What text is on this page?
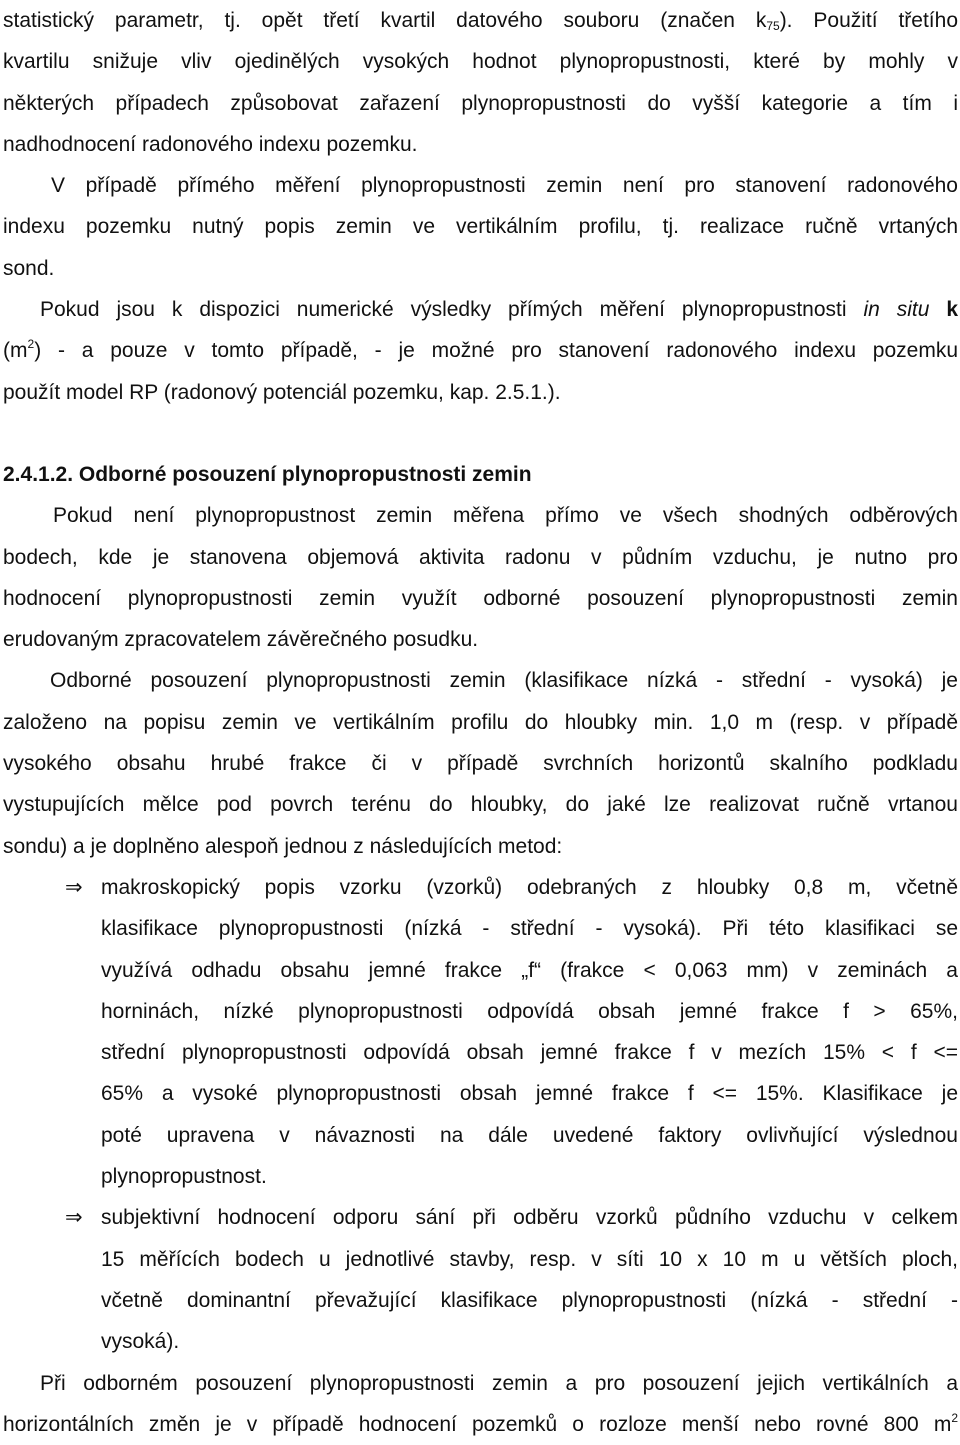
statistický parametr, tj. opět třetí kvartil datového souboru (značen $k_{75}$). Použití třetího
kvartilu snižuje vliv ojedinělých vysokých hodnot plynopropustnosti, které by mohly v
některých případech způsobovat zařazení plynopropustnosti do vyšší kategorie a tím i
nadhodnocení radonového indexu pozemku.
V případě přímého měření plynopropustnosti zemin není pro stanovení radonového
indexu pozemku nutný popis zemin ve vertikálním profilu, tj. realizace ručně vrtaných
sond.
Pokud jsou k dispozici numerické výsledky přímých měření plynopropustnosti in situ k
$(m^2)$ - a pouze v tomto případě, - je možné pro stanovení radonového indexu pozemku
použít model RP (radonový potenciál pozemku, kap. 2.5.1.).
2.4.1.2. Odborné posouzení plynopropustnosti zemin
Pokud není plynopropustnost zemin měřena přímo ve všech shodných odběrových
bodech, kde je stanovena objemová aktivita radonu v půdním vzduchu, je nutno pro
hodnocení plynopropustnosti zemin využít odborné posouzení plynopropustnosti zemin
erudovaným zpracovatelem závěrečného posudku.
Odborné posouzení plynopropustnosti zemin (klasifikace nízká - střední - vysoká) je
založeno na popisu zemin ve vertikálním profilu do hloubky min. 1,0 m (resp. v případě
vysokého obsahu hrubé frakce či v případě svrchních horizontů skalního podkladu
vystupujících mělce pod povrch terénu do hloubky, do jaké lze realizovat ručně vrtanou
sondu) a je doplněno alespoň jednou z následujících metod:
⇒ makroskopický popis vzorku (vzorků) odebraných z hloubky 0,8 m, včetně
klasifikace plynopropustnosti (nízká - střední - vysoká). Při této klasifikaci se
využívá odhadu obsahu jemné frakce „f“ (frakce < 0,063 mm) v zeminách a
horninách, nízké plynopropustnosti odpovídá obsah jemné frakce f > 65%,
střední plynopropustnosti odpovídá obsah jemné frakce f v mezích 15% < f <=
65% a vysoké plynopropustnosti obsah jemné frakce f <= 15%. Klasifikace je
poté upravena v návaznosti na dále uvedené faktory ovlivňující výslednou
plynopropustnost.
⇒ subjektivní hodnocení odporu sání při odběru vzorků půdního vzduchu v celkem
15 měřících bodech u jednotlivé stavby, resp. v síti 10 x 10 m u větších ploch,
včetně dominantní převažující klasifikace plynopropustnosti (nízká - střední -
vysoká).
Při odborném posouzení plynopropustnosti zemin a pro posouzení jejich vertikálních a
horizontálních změn je v případě hodnocení pozemků o rozloze menší nebo rovné 800 $m^2$
